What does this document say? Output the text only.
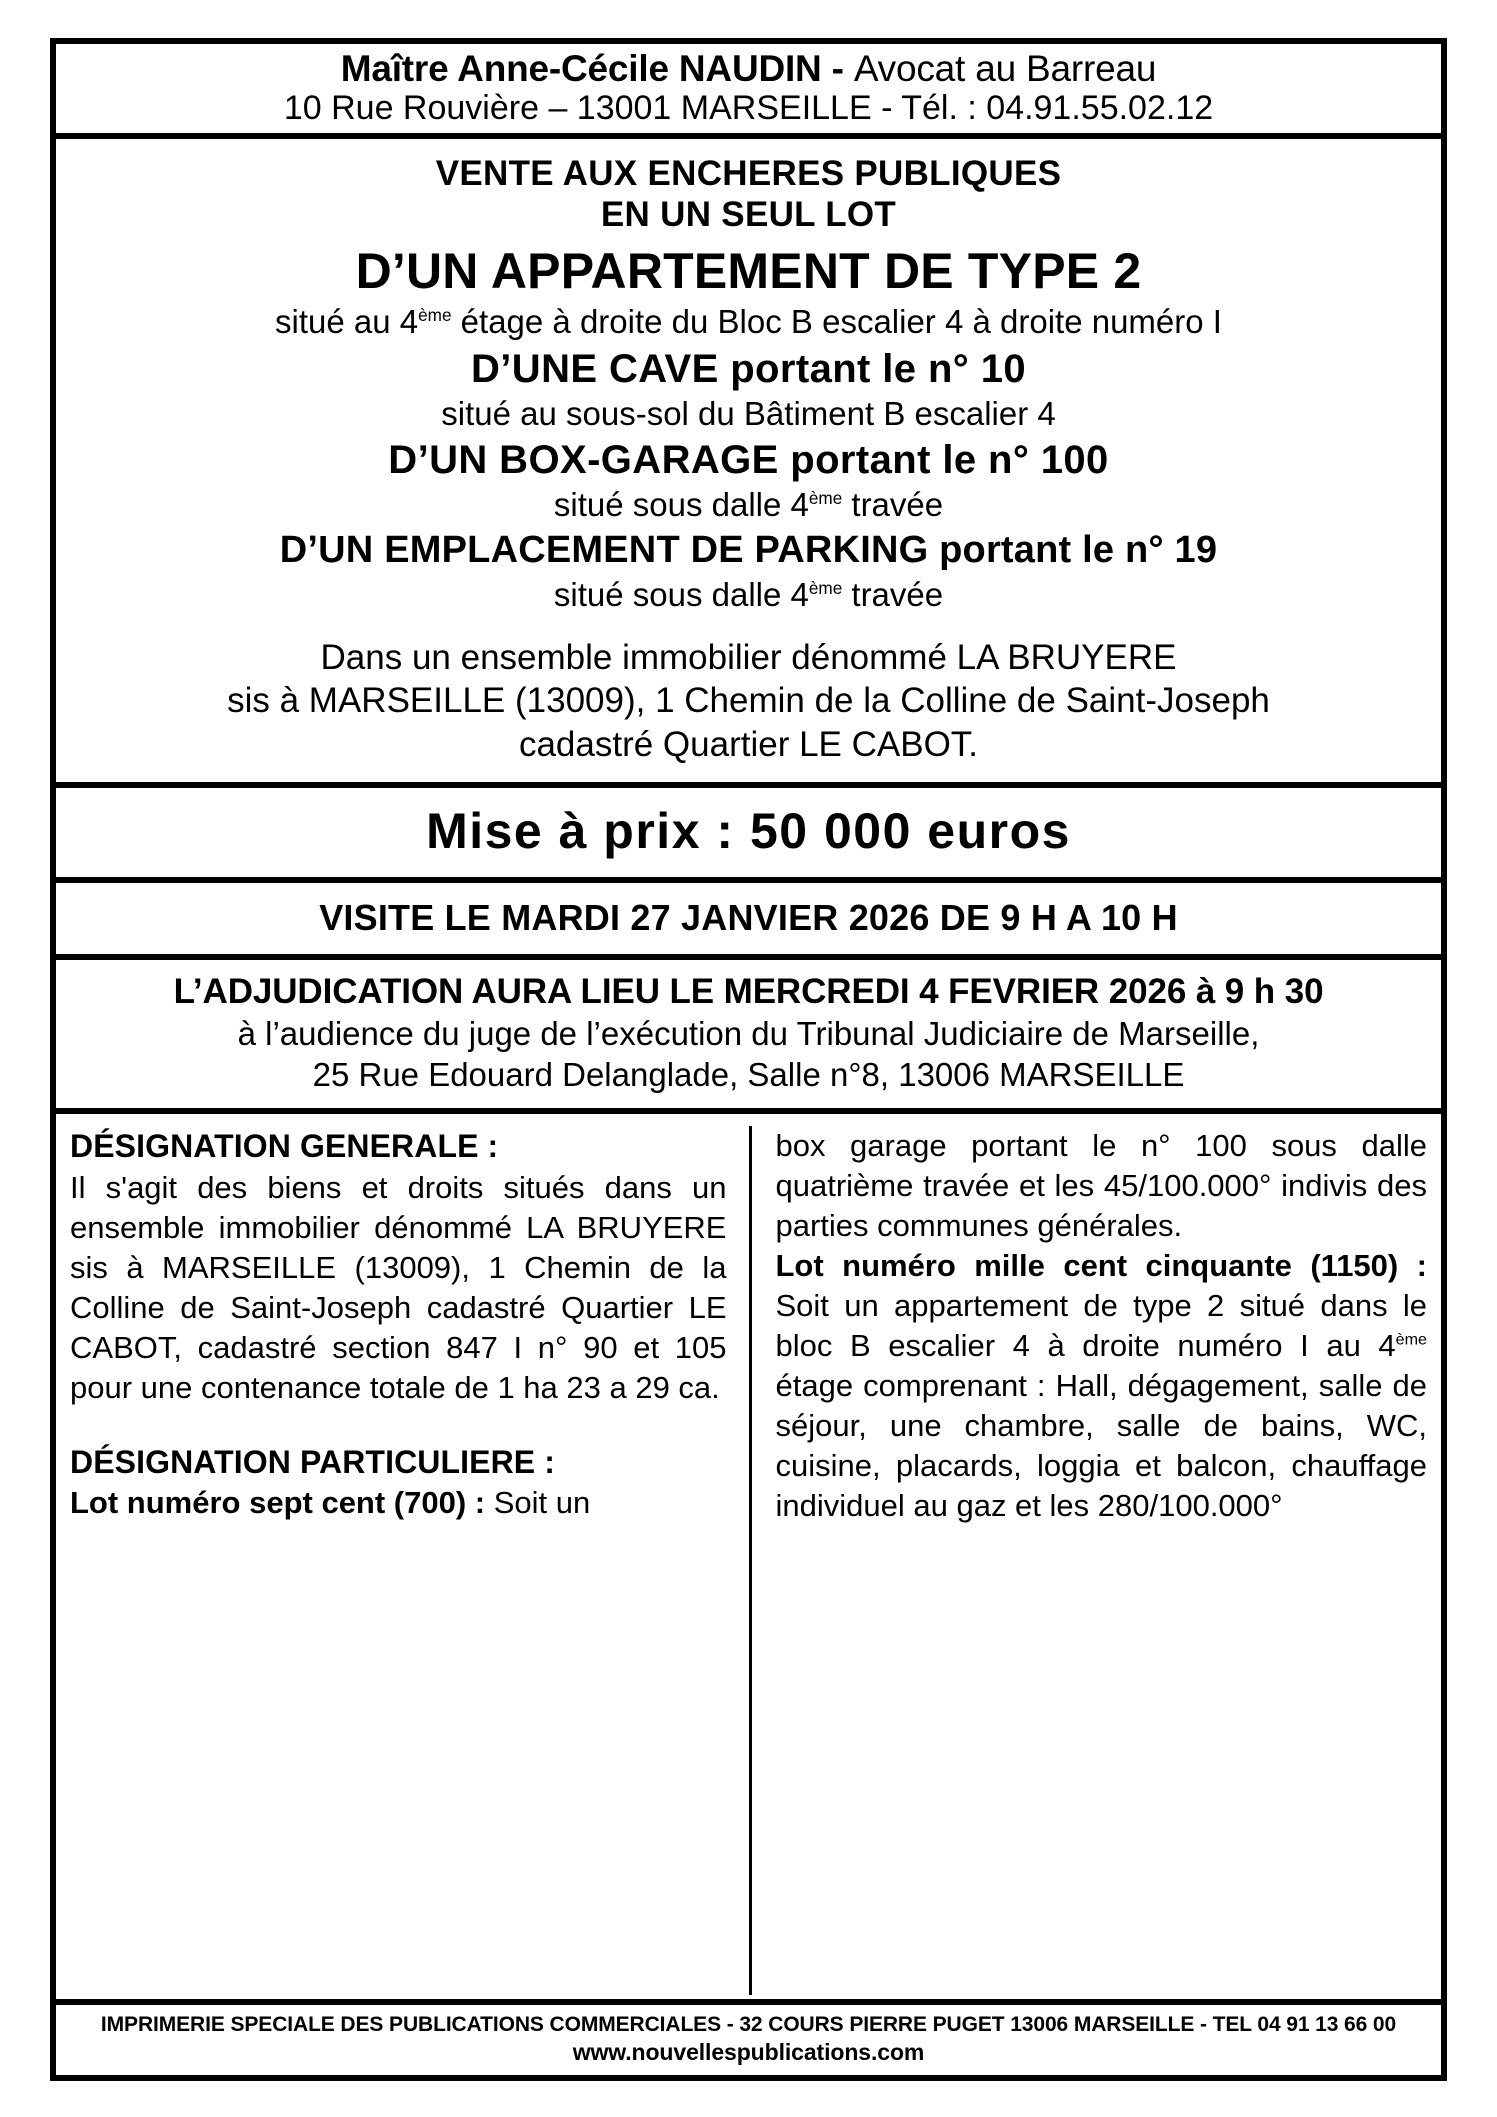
Maître Anne-Cécile NAUDIN - Avocat au Barreau
10 Rue Rouvière – 13001 MARSEILLE - Tél. : 04.91.55.02.12
VENTE AUX ENCHERES PUBLIQUES
EN UN SEUL LOT
D’UN APPARTEMENT DE TYPE 2
situé au 4ème étage à droite du Bloc B escalier 4 à droite numéro I
D’UNE CAVE portant le n° 10
situé au sous-sol du Bâtiment B escalier 4
D’UN BOX-GARAGE portant le n° 100
situé sous dalle 4ème travée
D’UN EMPLACEMENT DE PARKING portant le n° 19
situé sous dalle 4ème travée
Dans un ensemble immobilier dénommé LA BRUYERE
sis à MARSEILLE (13009), 1 Chemin de la Colline de Saint-Joseph
cadastré Quartier LE CABOT.
Mise à prix : 50 000 euros
VISITE LE MARDI 27 JANVIER 2026 DE 9 H A 10 H
L’ADJUDICATION AURA LIEU LE MERCREDI 4 FEVRIER 2026 à 9 h 30
à l’audience du juge de l’exécution du Tribunal Judiciaire de Marseille,
25 Rue Edouard Delanglade, Salle n°8, 13006 MARSEILLE

DÉSIGNATION GENERALE :

Il s'agit des biens et droits situés dans un ensemble immobilier dénommé LA BRUYERE sis à MARSEILLE (13009), 1 Chemin de la Colline de Saint-Joseph cadastré Quartier LE CABOT, cadastré section 847 I n° 90 et 105 pour une contenance totale de 1 ha 23 a 29 ca.

DÉSIGNATION PARTICULIERE :

Lot numéro sept cent (700) : Soit un

box garage portant le n° 100 sous dalle quatrième travée et les 45/100.000° indivis des parties communes générales.

Lot numéro mille cent cinquante (1150) : Soit un appartement de type 2 situé dans le bloc B escalier 4 à droite numéro I au 4ème étage comprenant : Hall, dégagement, salle de séjour, une chambre, salle de bains, WC, cuisine, placards, loggia et balcon, chauffage individuel au gaz et les 280/100.000°

IMPRIMERIE SPECIALE DES PUBLICATIONS COMMERCIALES - 32 COURS PIERRE PUGET 13006 MARSEILLE - TEL 04 91 13 66 00
www.nouvellespublications.com
